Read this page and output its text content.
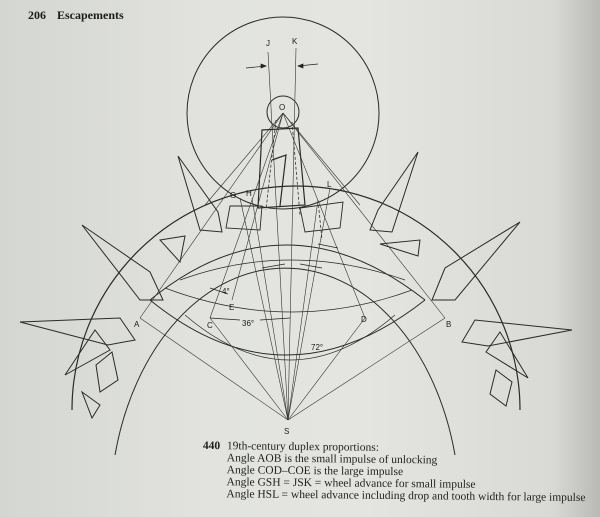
206 Escapements
J	K
O
G H
L
E
A	C
D
B
S
4°
36°
72°
440 19th-century duplex proportions:
Angle AOB is the small impulse of unlocking
Angle COD–COE is the large impulse
Angle GSH = JSK = wheel advance for small impulse
Angle HSL = wheel advance including drop and tooth width for large impulse
